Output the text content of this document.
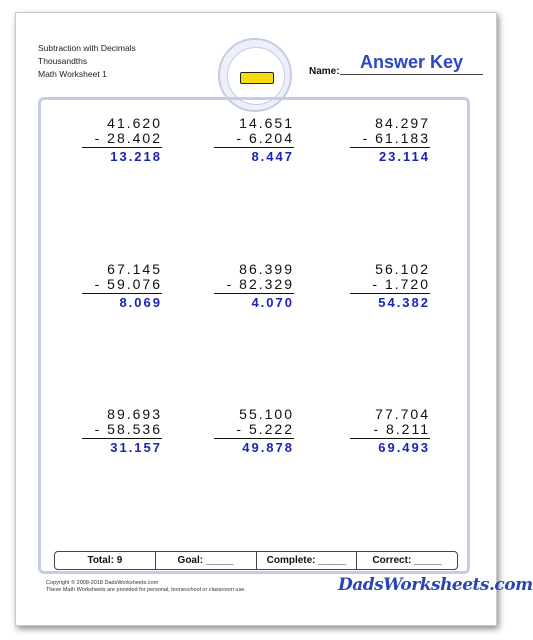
Subtraction with Decimals
Thousandths
Math Worksheet 1	Name:	Answer Key
41.620
- 28.402
13.218
14.651
- 6.204
8.447
84.297
- 61.183
23.114
67.145
- 59.076
8.069
86.399
- 82.329
4.070
56.102
- 1.720
54.382
89.693
- 58.536
31.157
55.100
- 5.222
49.878
77.704
- 8.211
69.493
Total: 9	Goal: _____	Complete: _____	Correct: _____
Copyright © 2008-2018 DadsWorksheets.com
These Math Worksheets are provided for personal, homeschool or classroom use.	DadsWorksheets.com
